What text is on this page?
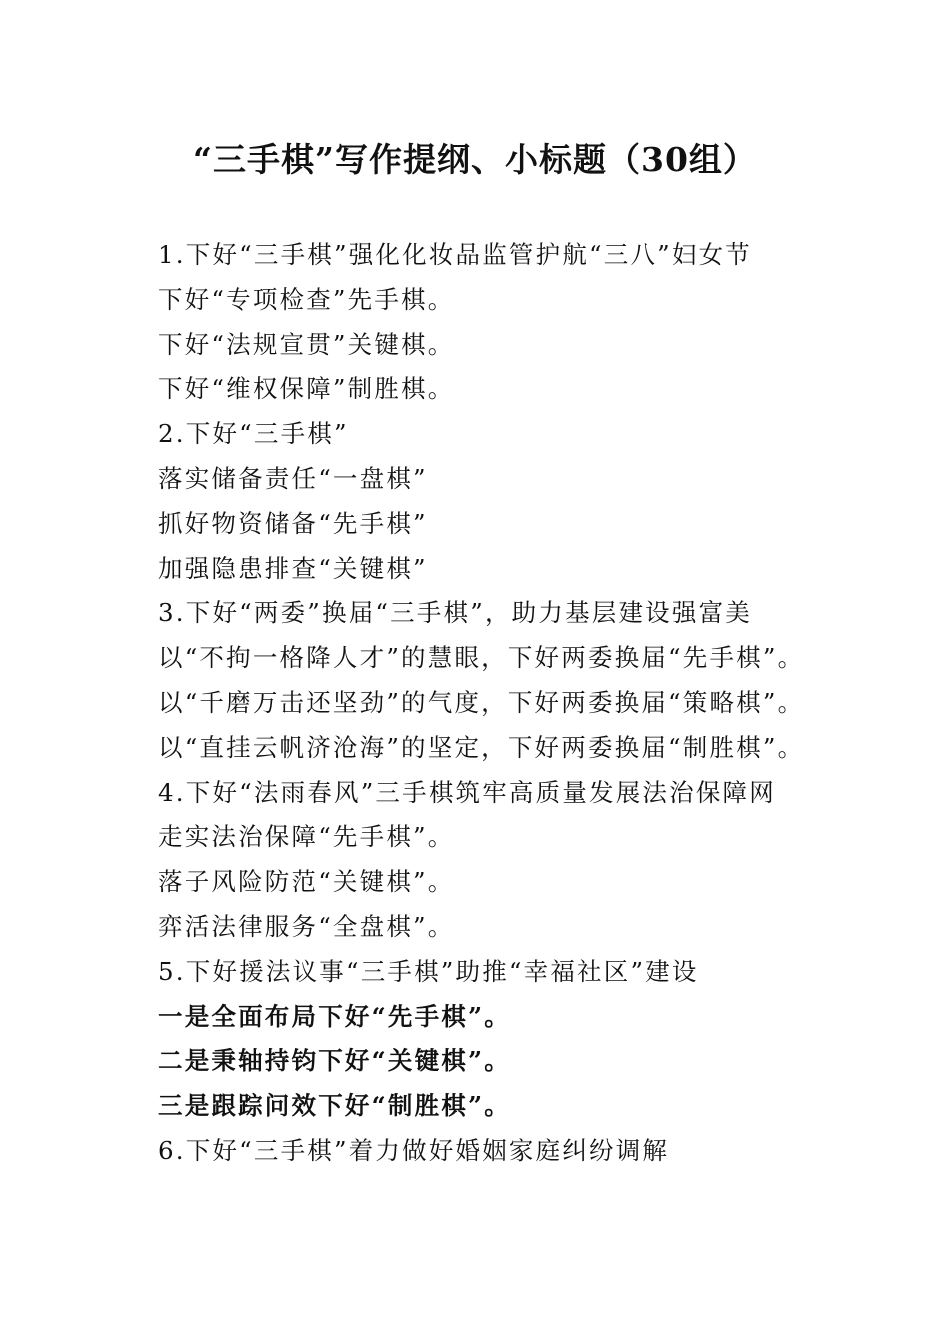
“三手棋”写作提纲、小标题（30组）
1.下好“三手棋”强化化妆品监管护航“三八”妇女节
下好“专项检查”先手棋。
下好“法规宣贯”关键棋。
下好“维权保障”制胜棋。
2.下好“三手棋”
落实储备责任“一盘棋”
抓好物资储备“先手棋”
加强隐患排查“关键棋”
3.下好“两委”换届“三手棋”，助力基层建设强富美
以“不拘一格降人才”的慧眼，下好两委换届“先手棋”。
以“千磨万击还坚劲”的气度，下好两委换届“策略棋”。
以“直挂云帆济沧海”的坚定，下好两委换届“制胜棋”。
4.下好“法雨春风”三手棋筑牢高质量发展法治保障网
走实法治保障“先手棋”。
落子风险防范“关键棋”。
弈活法律服务“全盘棋”。
5.下好援法议事“三手棋”助推“幸福社区”建设
一是全面布局下好“先手棋”。
二是秉轴持钧下好“关键棋”。
三是跟踪问效下好“制胜棋”。
6.下好“三手棋”着力做好婚姻家庭纠纷调解
